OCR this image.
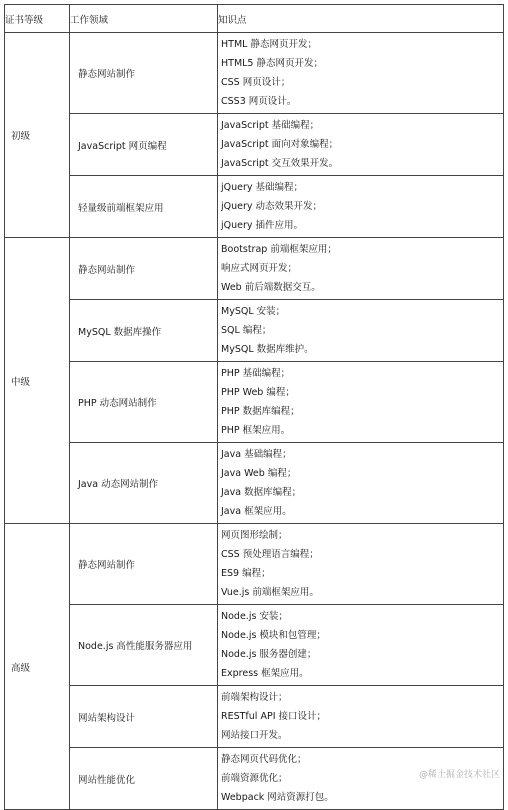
证书等级	工作领域	知识点
初级	静态网站制作	HTML 静态网页开发；
HTML5 静态网页开发；
CSS 网页设计；
CSS3 网页设计。

	JavaScript 网页编程	JavaScript 基础编程；
JavaScript 面向对象编程；
JavaScript 交互效果开发。

	轻量级前端框架应用	jQuery 基础编程；
jQuery 动态效果开发；
jQuery 插件应用。

中级	静态网站制作	Bootstrap 前端框架应用；
响应式网页开发；
Web 前后端数据交互。

	MySQL 数据库操作	MySQL 安装；
SQL 编程；
MySQL 数据库维护。

	PHP 动态网站制作	PHP 基础编程；
PHP Web 编程；
PHP 数据库编程；
PHP 框架应用。

	Java 动态网站制作	Java 基础编程；
Java Web 编程；
Java 数据库编程；
Java 框架应用。

高级	静态网站制作	网页图形绘制；
CSS 预处理语言编程；
ES9 编程；
Vue.js 前端框架应用。

	Node.js 高性能服务器应用	Node.js 安装；
Node.js 模块和包管理；
Node.js 服务器创建；
Express 框架应用。

	网站架构设计	前端架构设计；
RESTful API 接口设计；
网站接口开发。

	网站性能优化	静态网页代码优化；
前端资源优化；
Webpack 网站资源打包。
@稀土掘金技术社区
